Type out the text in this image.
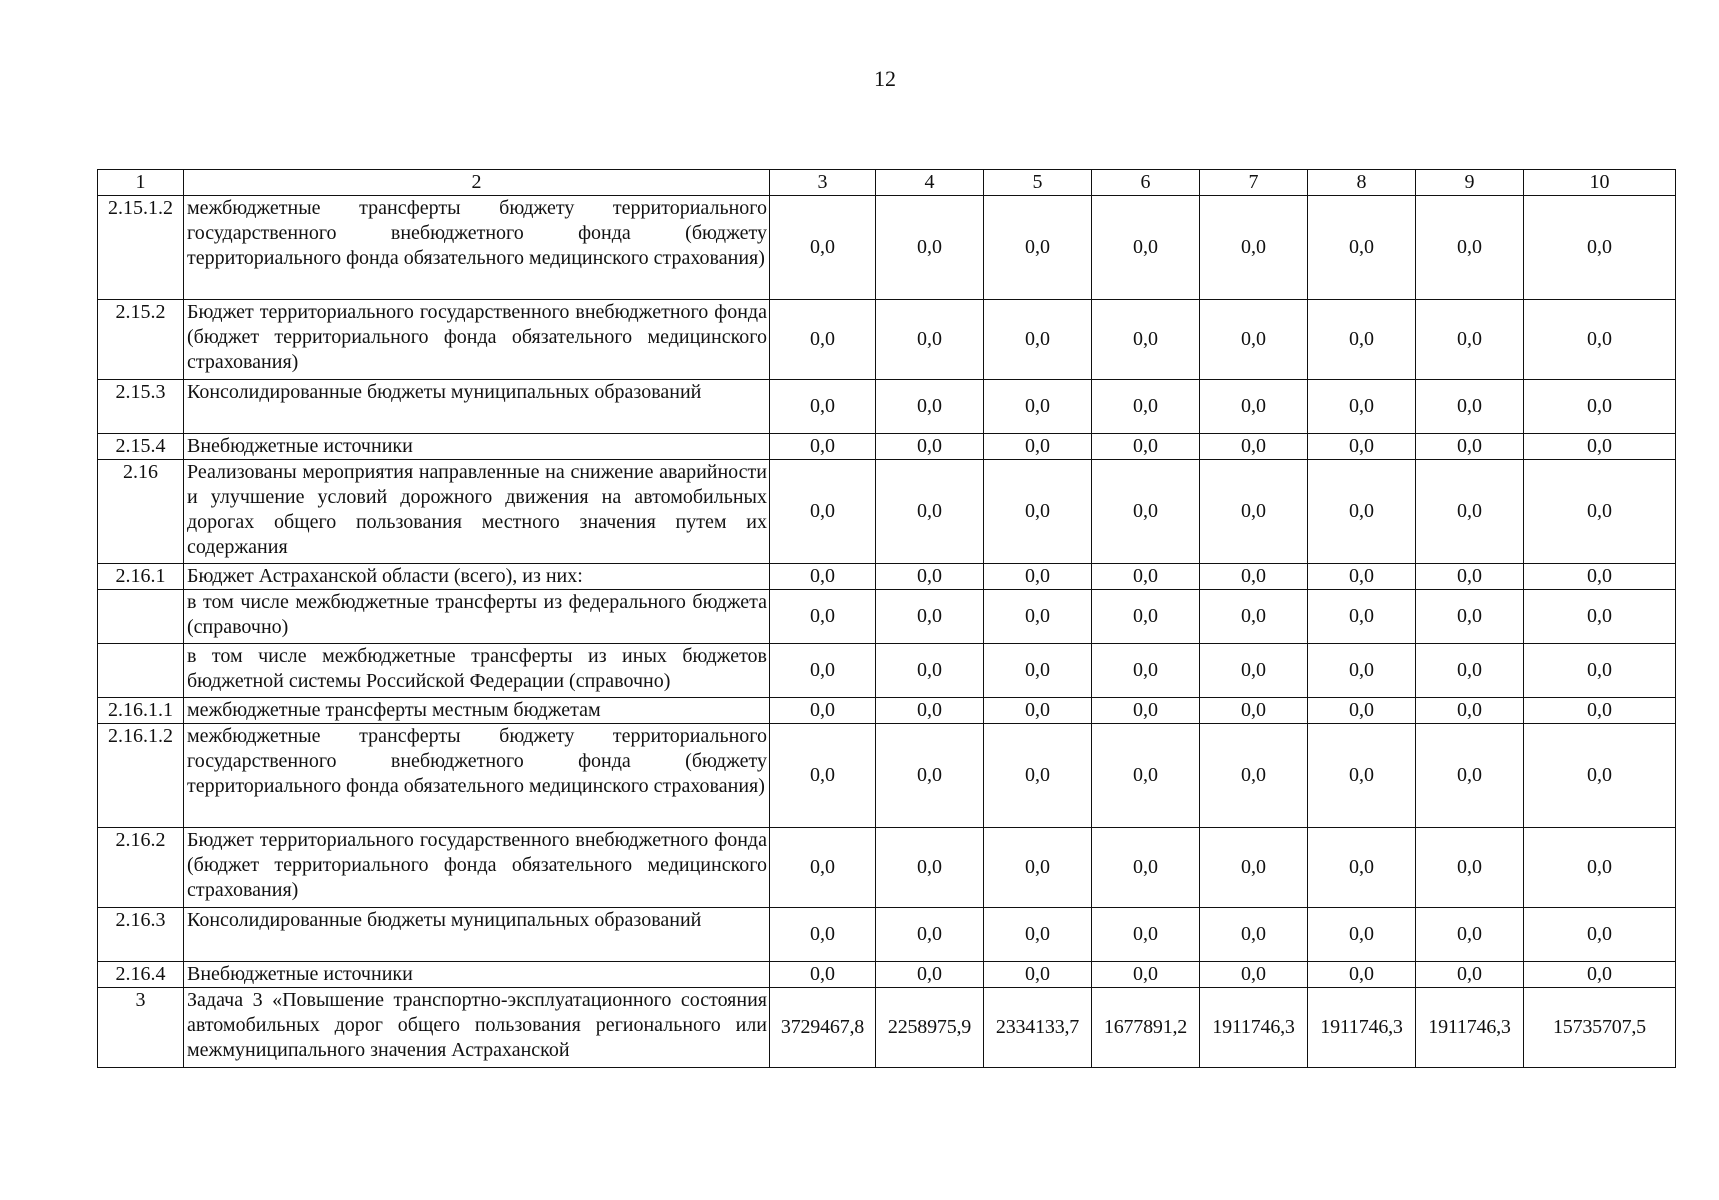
12
1	2	3	4	5	6	7	8	9	10
2.15.1.2	межбюджетные трансферты бюджету территориального государственного внебюджетного фонда (бюджету территориального фонда обязательного медицинского страхования)	0,0	0,0	0,0	0,0	0,0	0,0	0,0	0,0
2.15.2	Бюджет территориального государственного внебюджетного фонда (бюджет территориального фонда обязательного медицинского страхования)	0,0	0,0	0,0	0,0	0,0	0,0	0,0	0,0
2.15.3	Консолидированные бюджеты муниципальных образований	0,0	0,0	0,0	0,0	0,0	0,0	0,0	0,0
2.15.4	Внебюджетные источники	0,0	0,0	0,0	0,0	0,0	0,0	0,0	0,0
2.16	Реализованы мероприятия направленные на снижение аварийности и улучшение условий дорожного движения на автомобильных дорогах общего пользования местного значения путем их содержания	0,0	0,0	0,0	0,0	0,0	0,0	0,0	0,0
2.16.1	Бюджет Астраханской области (всего), из них:	0,0	0,0	0,0	0,0	0,0	0,0	0,0	0,0
	в том числе межбюджетные трансферты из федерального бюджета (справочно)	0,0	0,0	0,0	0,0	0,0	0,0	0,0	0,0
	в том числе межбюджетные трансферты из иных бюджетов бюджетной системы Российской Федерации (справочно)	0,0	0,0	0,0	0,0	0,0	0,0	0,0	0,0
2.16.1.1	межбюджетные трансферты местным бюджетам	0,0	0,0	0,0	0,0	0,0	0,0	0,0	0,0
2.16.1.2	межбюджетные трансферты бюджету территориального государственного внебюджетного фонда (бюджету территориального фонда обязательного медицинского страхования)	0,0	0,0	0,0	0,0	0,0	0,0	0,0	0,0
2.16.2	Бюджет территориального государственного внебюджетного фонда (бюджет территориального фонда обязательного медицинского страхования)	0,0	0,0	0,0	0,0	0,0	0,0	0,0	0,0
2.16.3	Консолидированные бюджеты муниципальных образований	0,0	0,0	0,0	0,0	0,0	0,0	0,0	0,0
2.16.4	Внебюджетные источники	0,0	0,0	0,0	0,0	0,0	0,0	0,0	0,0
3	Задача 3 «Повышение транспортно-эксплуатационного состояния автомобильных дорог общего пользования регионального или межмуниципального значения Астраханской	3729467,8	2258975,9	2334133,7	1677891,2	1911746,3	1911746,3	1911746,3	15735707,5
